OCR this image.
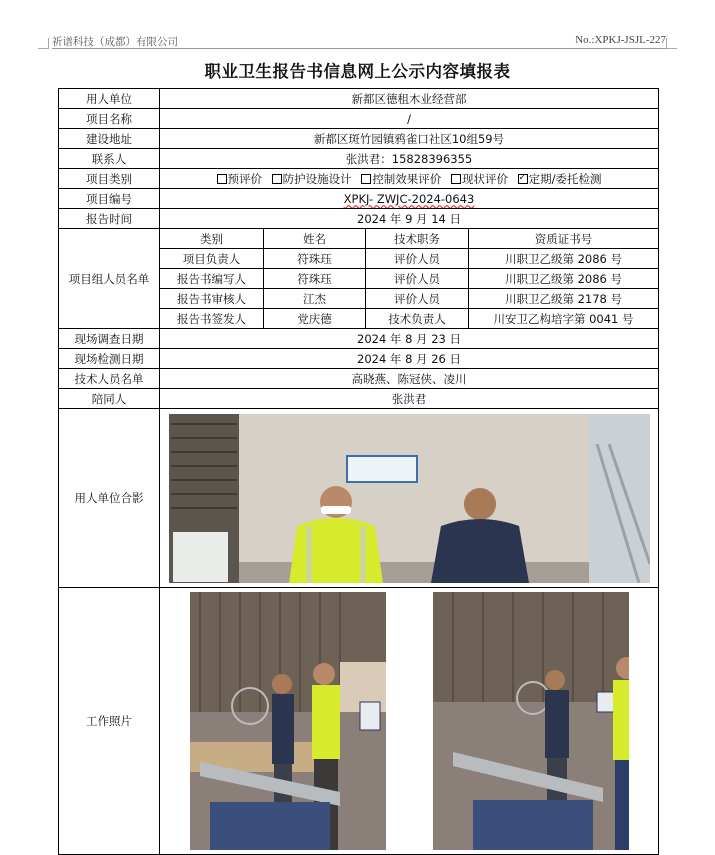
祈谱科技（成都）有限公司	No.:XPKJ-JSJL-227
职业卫生报告书信息网上公示内容填报表
用人单位	新都区德租木业经营部			
项目名称	/			
建设地址	新都区斑竹园镇鸦雀口社区10组59号			
联系人	张洪君：15828396355			
项目类别	预评价 防护设施设计 控制效果评价 现状评价 ✓ 定期/委托检测
项目编号	XPKJ- ZWJC-2024-0643			
报告时间	2024 年 9 月 14 日			
项目组人员名单	类别	姓名	技术职务	资质证书号
	项目负责人	符珠珏	评价人员	川职卫乙级第 2086 号
	报告书编写人	符珠珏	评价人员	川职卫乙级第 2086 号
	报告书审核人	江杰	评价人员	川职卫乙级第 2178 号
	报告书签发人	党庆德	技术负责人	川安卫乙构培字第 0041 号
现场调查日期	2024 年 8 月 23 日			
现场检测日期	2024 年 8 月 26 日			
技术人员名单	高晓燕、陈冠侠、凌川			
陪同人	张洪君			
用人单位合影	

工作照片	
